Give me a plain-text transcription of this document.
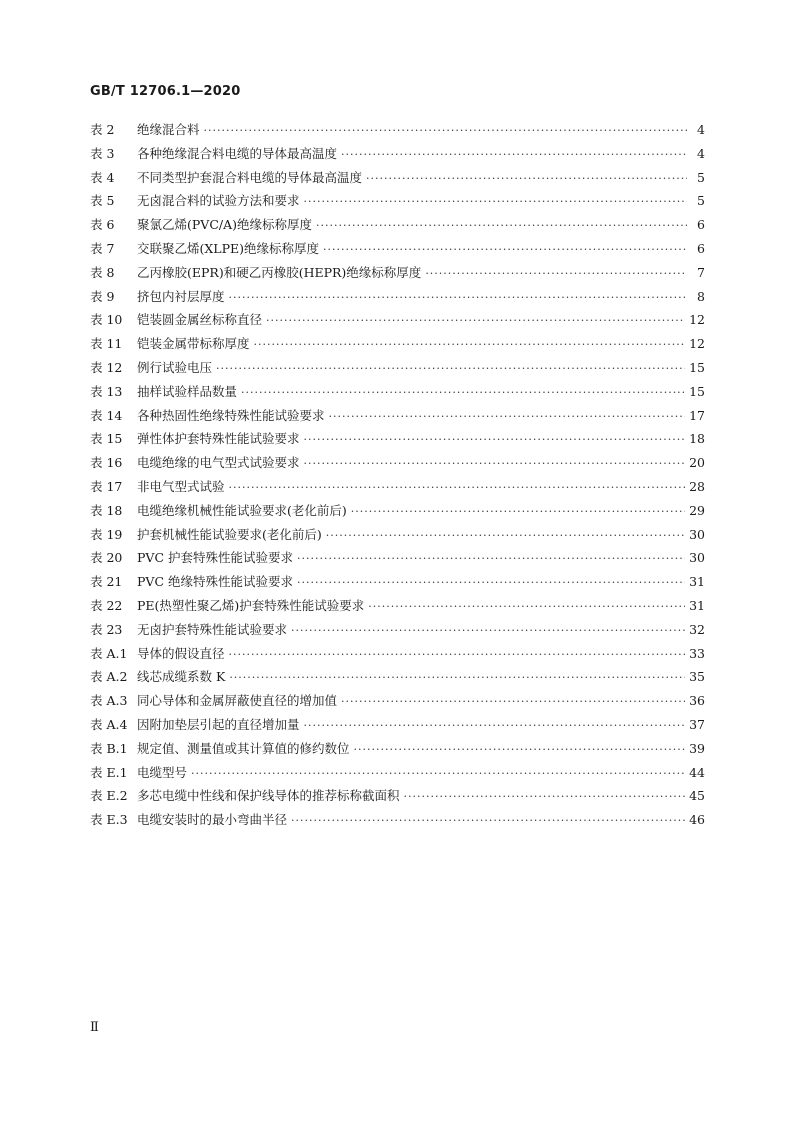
GB/T 12706.1—2020
表 2	绝缘混合料 ·····	4
表 3	各种绝缘混合料电缆的导体最高温度 ·····	4
表 4	不同类型护套混合料电缆的导体最高温度 ·····	5
表 5	无卤混合料的试验方法和要求 ·····	5
表 6	聚氯乙烯(PVC/A)绝缘标称厚度 ·····	6
表 7	交联聚乙烯(XLPE)绝缘标称厚度 ·····	6
表 8	乙丙橡胶(EPR)和硬乙丙橡胶(HEPR)绝缘标称厚度 ·····	7
表 9	挤包内衬层厚度 ·····	8
表 10	铠装圆金属丝标称直径 ·····	12
表 11	铠装金属带标称厚度 ·····	12
表 12	例行试验电压 ·····	15
表 13	抽样试验样品数量 ·····	15
表 14	各种热固性绝缘特殊性能试验要求 ·····	17
表 15	弹性体护套特殊性能试验要求 ·····	18
表 16	电缆绝缘的电气型式试验要求 ·····	20
表 17	非电气型式试验 ·····	28
表 18	电缆绝缘机械性能试验要求(老化前后) ·····	29
表 19	护套机械性能试验要求(老化前后) ·····	30
表 20	PVC 护套特殊性能试验要求 ·····	30
表 21	PVC 绝缘特殊性能试验要求 ·····	31
表 22	PE(热塑性聚乙烯)护套特殊性能试验要求 ·····	31
表 23	无卤护套特殊性能试验要求 ·····	32
表 A.1 导体的假设直径 ·····	33
表 A.2 线芯成缆系数 K ·····	35
表 A.3 同心导体和金属屏蔽使直径的增加值 ·····	36
表 A.4 因附加垫层引起的直径增加量 ·····	37
表 B.1 规定值、测量值或其计算值的修约数位 ·····	39
表 E.1 电缆型号 ·····	44
表 E.2 多芯电缆中性线和保护线导体的推荐标称截面积 ·····	45
表 E.3 电缆安装时的最小弯曲半径 ·····	46
Ⅱ
